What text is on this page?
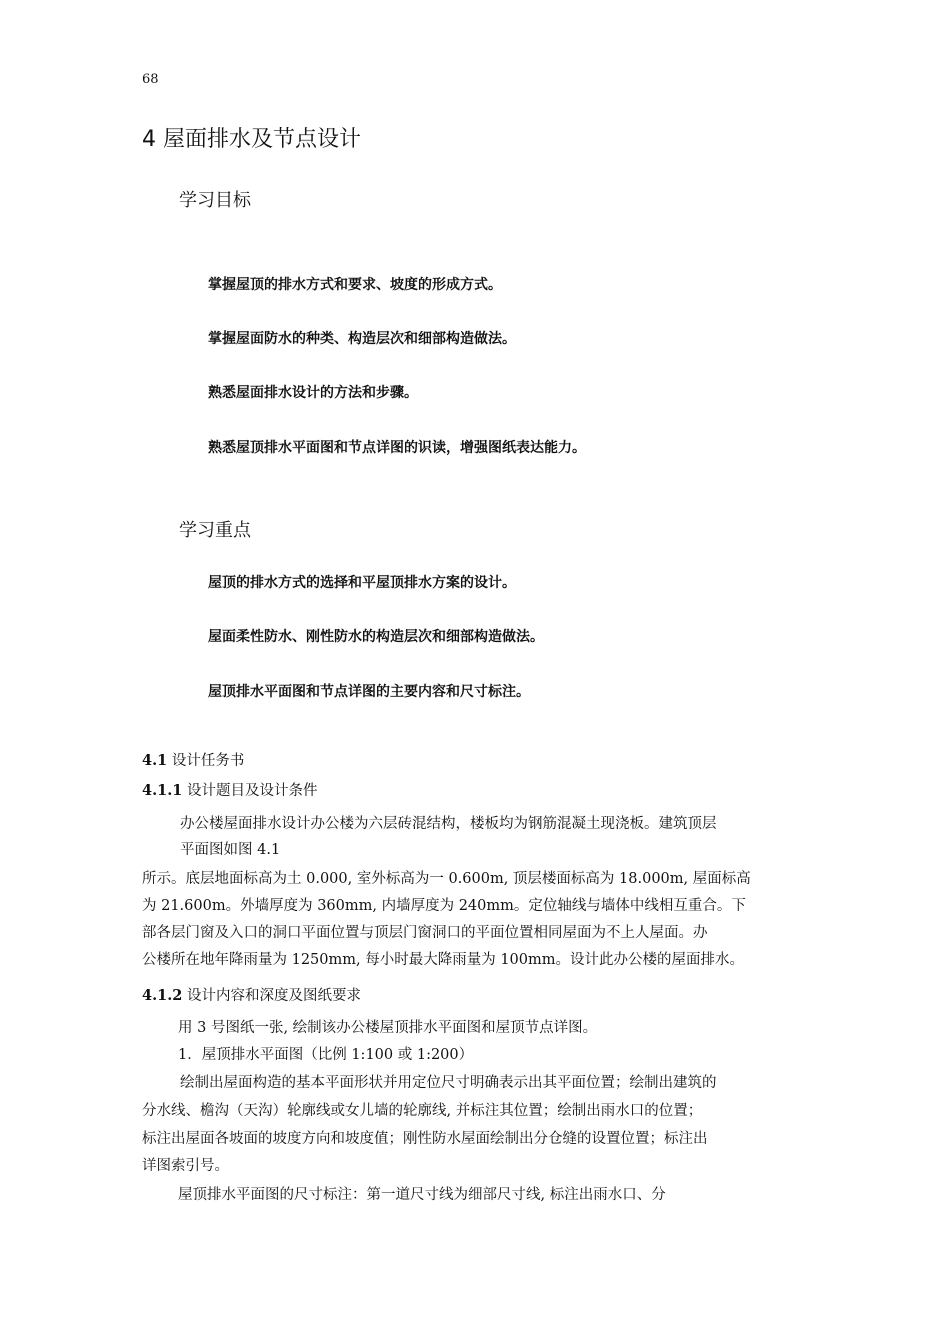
68
4 屋面排水及节点设计
学习目标

掌握屋顶的排水方式和要求、坡度的形成方式。

掌握屋面防水的种类、构造层次和细部构造做法。

熟悉屋面排水设计的方法和步骤。

熟悉屋顶排水平面图和节点详图的识读，增强图纸表达能力。

学习重点

屋顶的排水方式的选择和平屋顶排水方案的设计。

屋面柔性防水、刚性防水的构造层次和细部构造做法。

屋顶排水平面图和节点详图的主要内容和尺寸标注。

4.1 设计任务书
4.1.1 设计题目及设计条件

办公楼屋面排水设计办公楼为六层砖混结构，楼板均为钢筋混凝土现浇板。建筑顶层

平面图如图 4.1

所示。底层地面标高为土 0.000, 室外标高为一 0.600m, 顶层楼面标高为 18.000m, 屋面标高

为 21.600m。外墙厚度为 360mm, 内墙厚度为 240mm。定位轴线与墙体中线相互重合。下

部各层门窗及入口的洞口平面位置与顶层门窗洞口的平面位置相同屋面为不上人屋面。办

公楼所在地年降雨量为 1250mm, 每小时最大降雨量为 100mm。设计此办公楼的屋面排水。

4.1.2 设计内容和深度及图纸要求

用 3 号图纸一张, 绘制该办公楼屋顶排水平面图和屋顶节点详图。

1．屋顶排水平面图（比例 1:100 或 1:200）

绘制出屋面构造的基本平面形状并用定位尺寸明确表示出其平面位置；绘制出建筑的

分水线、檐沟（天沟）轮廓线或女儿墙的轮廓线, 并标注其位置；绘制出雨水口的位置；

标注出屋面各坡面的坡度方向和坡度值；刚性防水屋面绘制出分仓缝的设置位置；标注出

详图索引号。

屋顶排水平面图的尺寸标注：第一道尺寸线为细部尺寸线, 标注出雨水口、分
